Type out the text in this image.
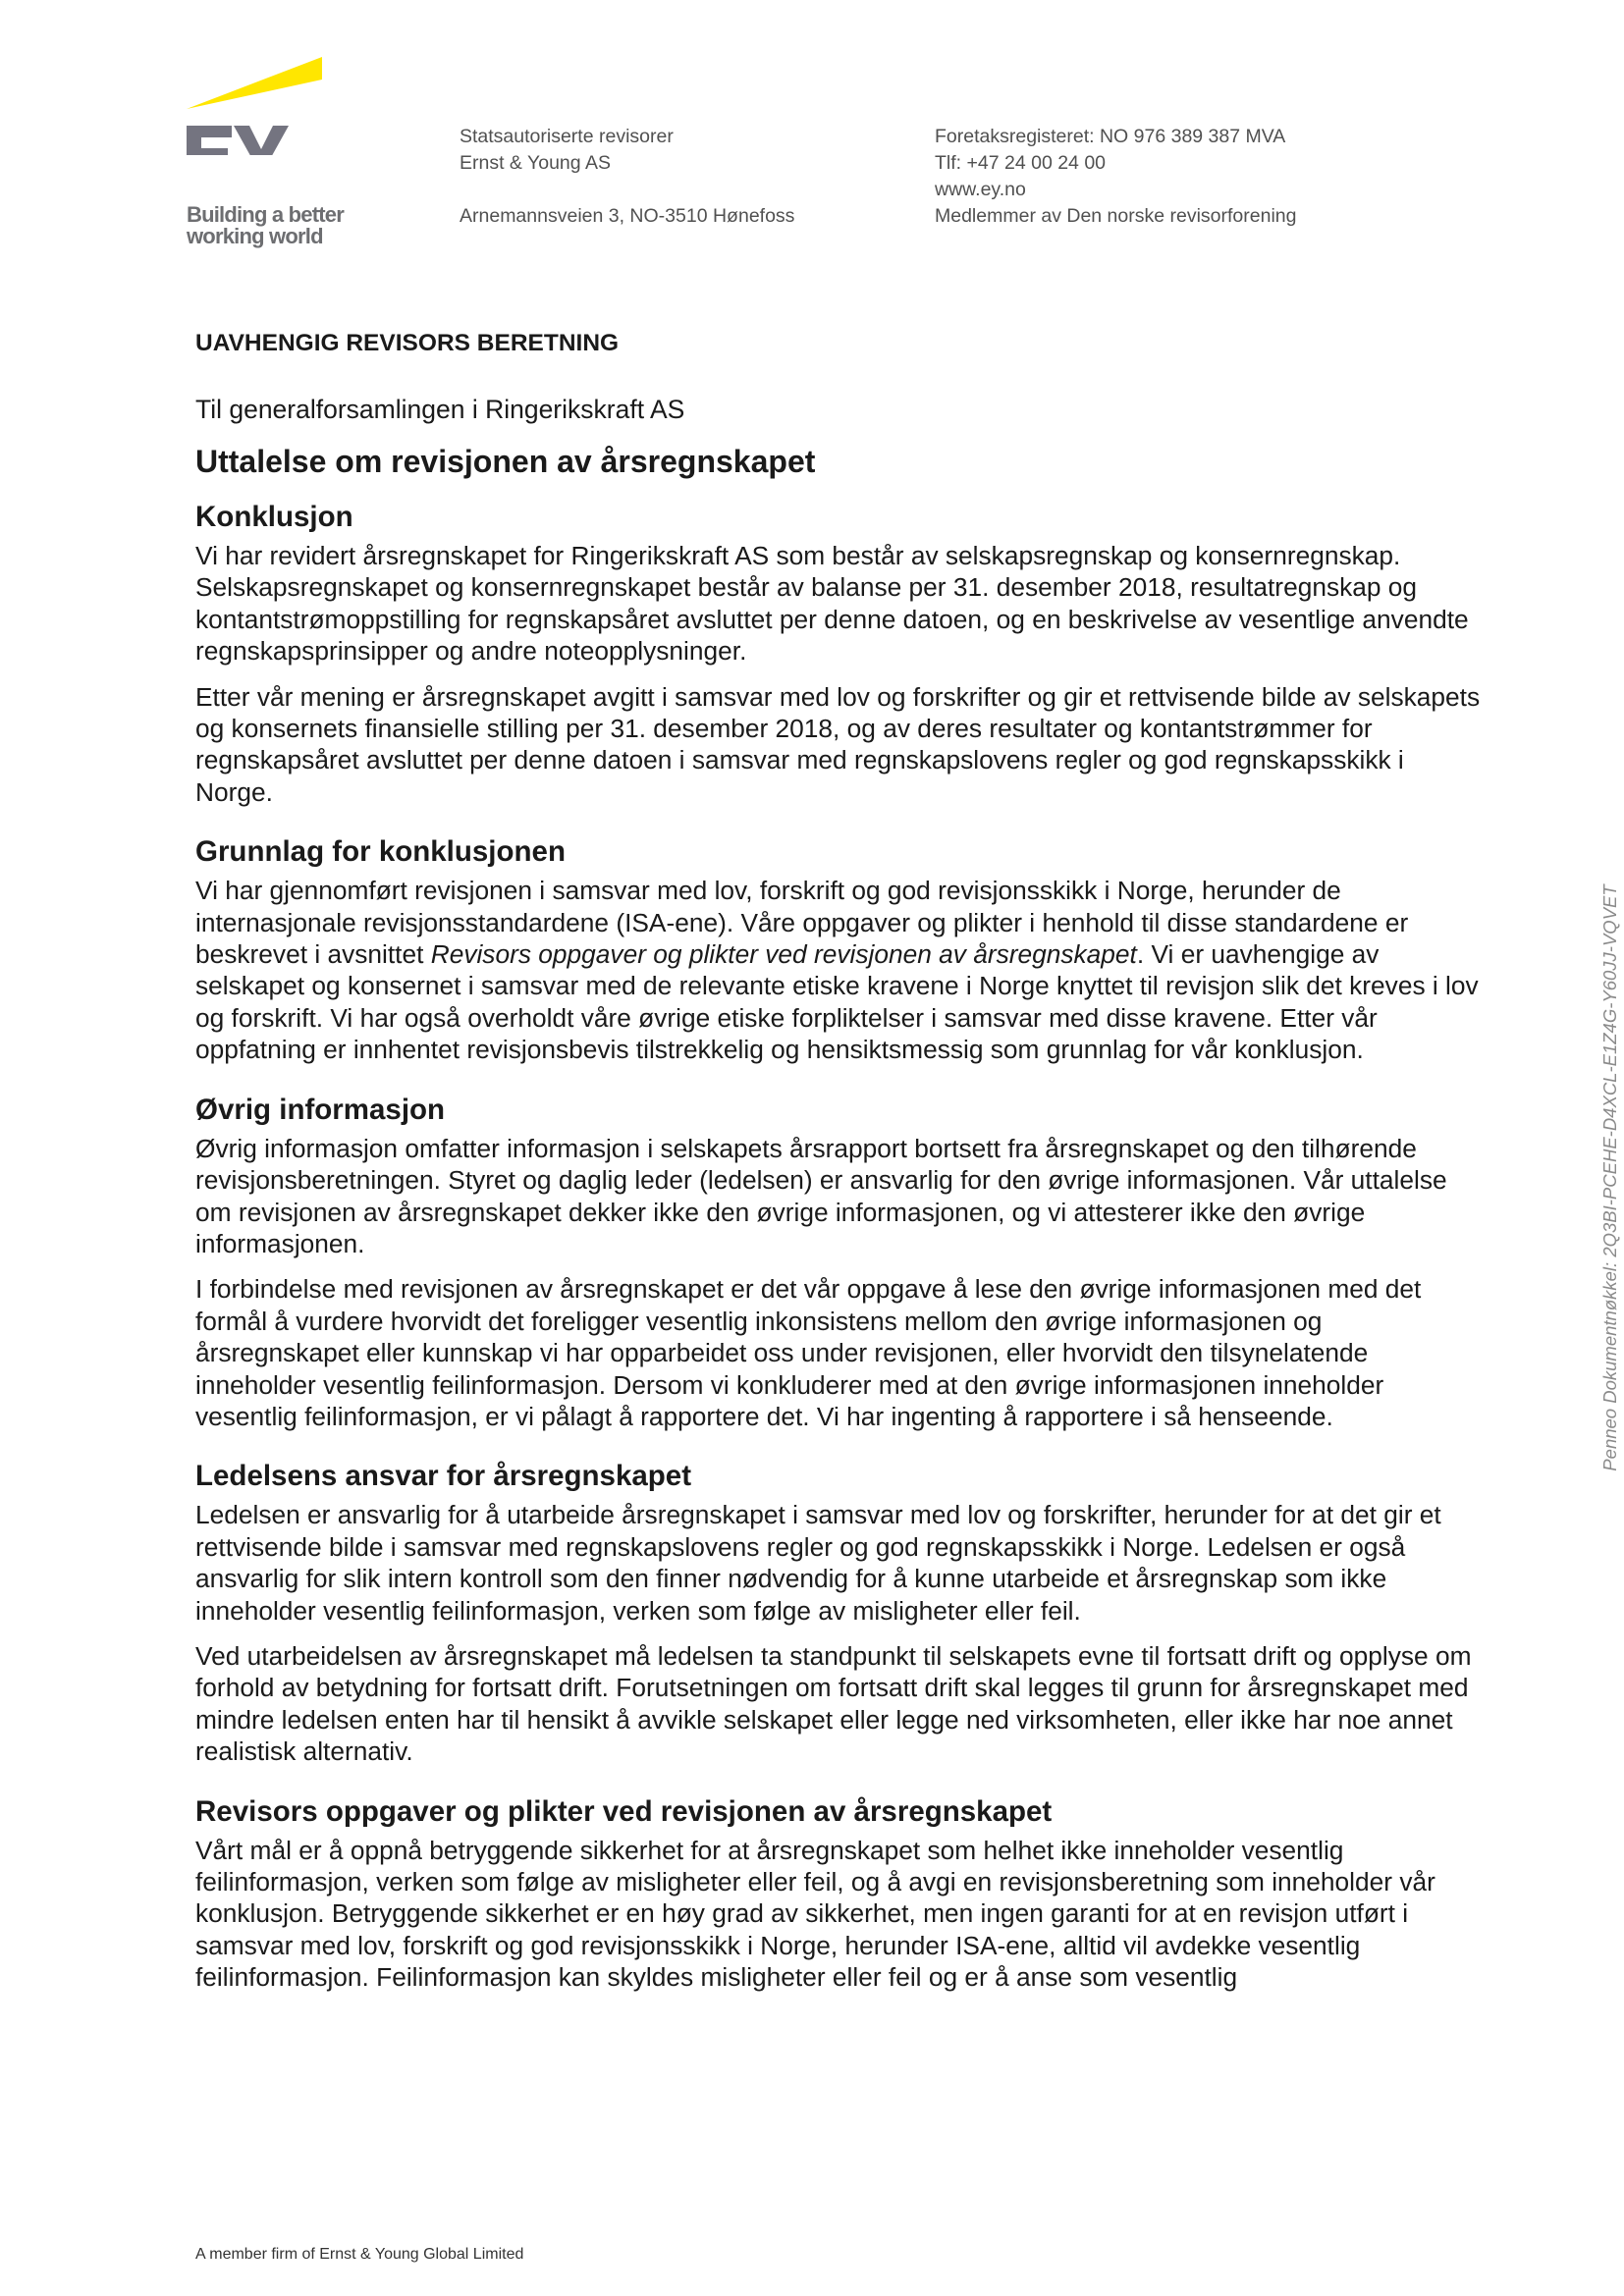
Building a better
working world
Statsautoriserte revisorer
Ernst & Young AS
Arnemannsveien 3, NO-3510 Hønefoss
Foretaksregisteret: NO 976 389 387 MVA
Tlf: +47 24 00 24 00
www.ey.no
Medlemmer av Den norske revisorforening
UAVHENGIG REVISORS BERETNING
Til generalforsamlingen i Ringerikskraft AS
Uttalelse om revisjonen av årsregnskapet
Konklusjon

Vi har revidert årsregnskapet for Ringerikskraft AS som består av selskapsregnskap og konsernregnskap. Selskapsregnskapet og konsernregnskapet består av balanse per 31. desember 2018, resultatregnskap og kontantstrømoppstilling for regnskapsåret avsluttet per denne datoen, og en beskrivelse av vesentlige anvendte regnskapsprinsipper og andre noteopplysninger.

Etter vår mening er årsregnskapet avgitt i samsvar med lov og forskrifter og gir et rettvisende bilde av selskapets og konsernets finansielle stilling per 31. desember 2018, og av deres resultater og kontantstrømmer for regnskapsåret avsluttet per denne datoen i samsvar med regnskapslovens regler og god regnskapsskikk i Norge.

Grunnlag for konklusjonen

Vi har gjennomført revisjonen i samsvar med lov, forskrift og god revisjonsskikk i Norge, herunder de internasjonale revisjonsstandardene (ISA-ene). Våre oppgaver og plikter i henhold til disse standardene er beskrevet i avsnittet Revisors oppgaver og plikter ved revisjonen av årsregnskapet. Vi er uavhengige av selskapet og konsernet i samsvar med de relevante etiske kravene i Norge knyttet til revisjon slik det kreves i lov og forskrift. Vi har også overholdt våre øvrige etiske forpliktelser i samsvar med disse kravene. Etter vår oppfatning er innhentet revisjonsbevis tilstrekkelig og hensiktsmessig som grunnlag for vår konklusjon.

Øvrig informasjon

Øvrig informasjon omfatter informasjon i selskapets årsrapport bortsett fra årsregnskapet og den tilhørende revisjonsberetningen. Styret og daglig leder (ledelsen) er ansvarlig for den øvrige informasjonen. Vår uttalelse om revisjonen av årsregnskapet dekker ikke den øvrige informasjonen, og vi attesterer ikke den øvrige informasjonen.

I forbindelse med revisjonen av årsregnskapet er det vår oppgave å lese den øvrige informasjonen med det formål å vurdere hvorvidt det foreligger vesentlig inkonsistens mellom den øvrige informasjonen og årsregnskapet eller kunnskap vi har opparbeidet oss under revisjonen, eller hvorvidt den tilsynelatende inneholder vesentlig feilinformasjon. Dersom vi konkluderer med at den øvrige informasjonen inneholder vesentlig feilinformasjon, er vi pålagt å rapportere det. Vi har ingenting å rapportere i så henseende.

Ledelsens ansvar for årsregnskapet

Ledelsen er ansvarlig for å utarbeide årsregnskapet i samsvar med lov og forskrifter, herunder for at det gir et rettvisende bilde i samsvar med regnskapslovens regler og god regnskapsskikk i Norge. Ledelsen er også ansvarlig for slik intern kontroll som den finner nødvendig for å kunne utarbeide et årsregnskap som ikke inneholder vesentlig feilinformasjon, verken som følge av misligheter eller feil.

Ved utarbeidelsen av årsregnskapet må ledelsen ta standpunkt til selskapets evne til fortsatt drift og opplyse om forhold av betydning for fortsatt drift. Forutsetningen om fortsatt drift skal legges til grunn for årsregnskapet med mindre ledelsen enten har til hensikt å avvikle selskapet eller legge ned virksomheten, eller ikke har noe annet realistisk alternativ.

Revisors oppgaver og plikter ved revisjonen av årsregnskapet

Vårt mål er å oppnå betryggende sikkerhet for at årsregnskapet som helhet ikke inneholder vesentlig feilinformasjon, verken som følge av misligheter eller feil, og å avgi en revisjonsberetning som inneholder vår konklusjon. Betryggende sikkerhet er en høy grad av sikkerhet, men ingen garanti for at en revisjon utført i samsvar med lov, forskrift og god revisjonsskikk i Norge, herunder ISA-ene, alltid vil avdekke vesentlig feilinformasjon. Feilinformasjon kan skyldes misligheter eller feil og er å anse som vesentlig

Penneo Dokumentnøkkel: 2Q3BI-PCEHE-D4XCL-E1Z4G-Y60JJ-VQVET
A member firm of Ernst & Young Global Limited
